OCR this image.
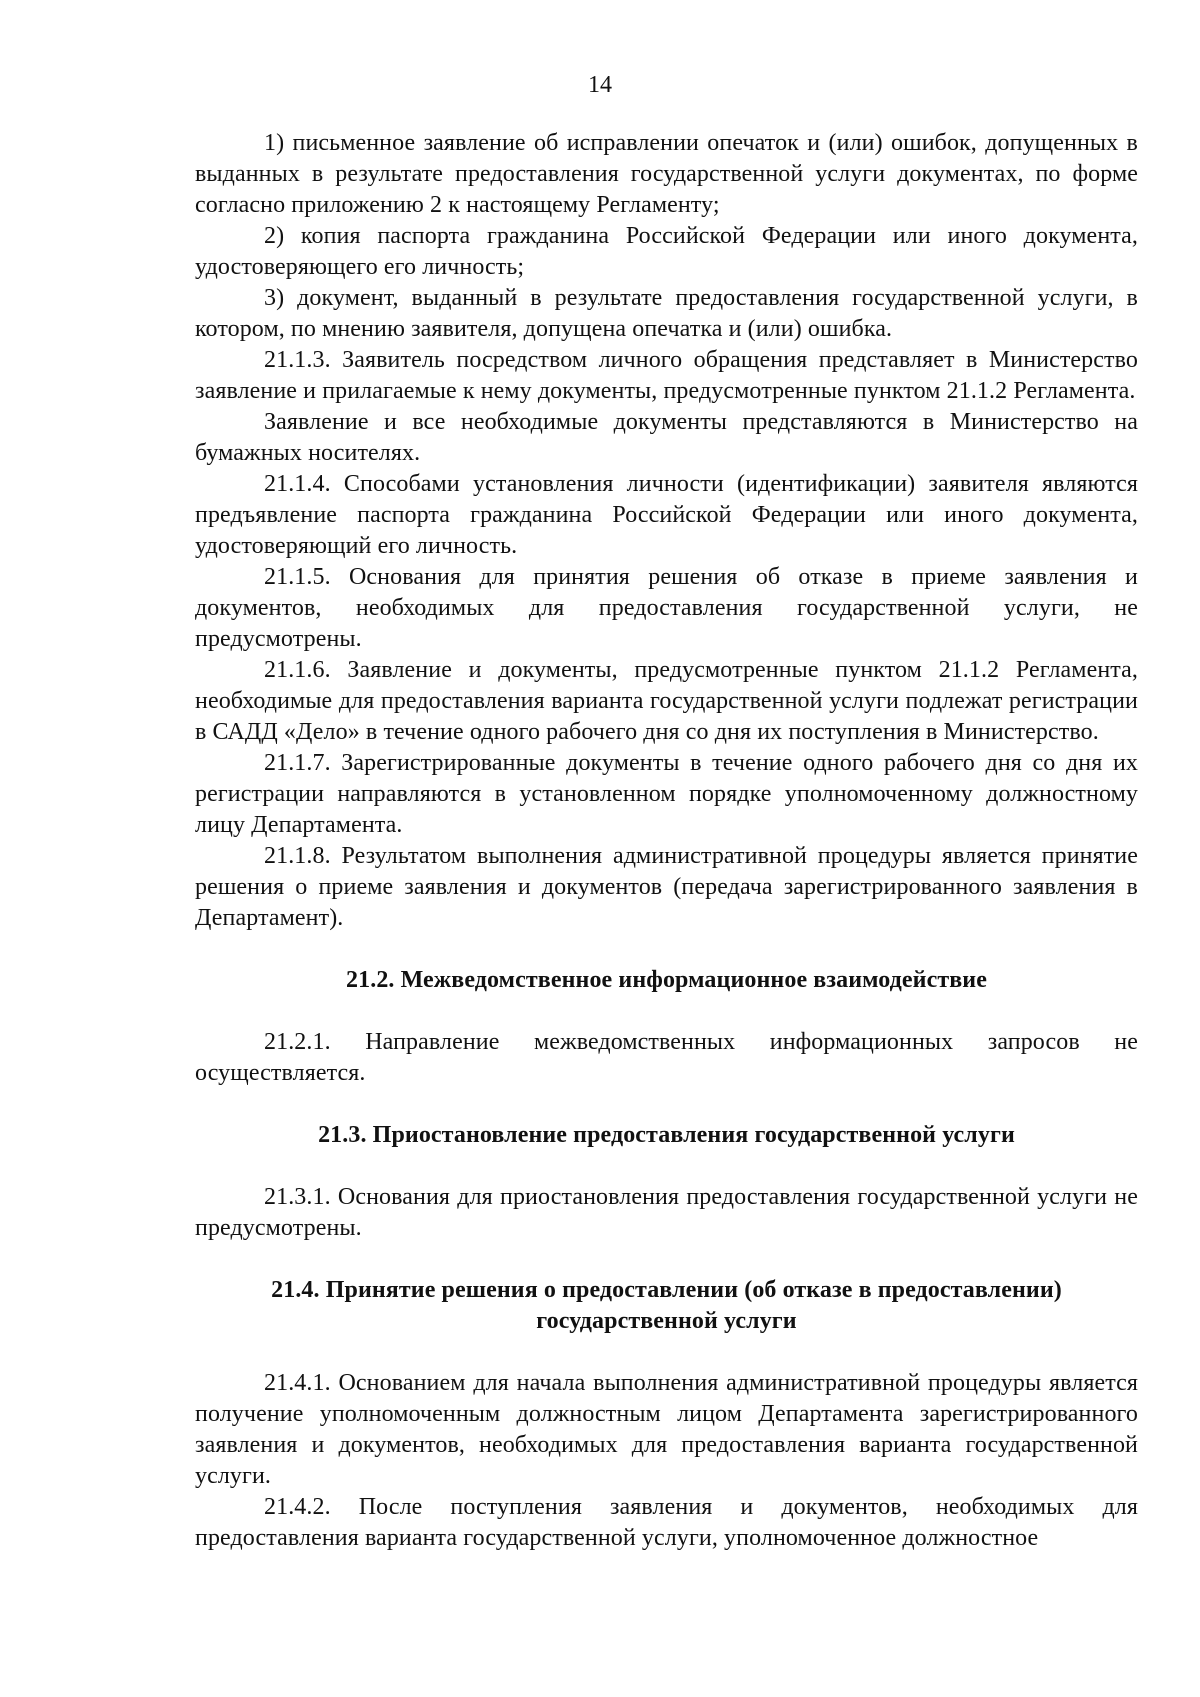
14

1) письменное заявление об исправлении опечаток и (или) ошибок, допущенных в выданных в результате предоставления государственной услуги документах, по форме согласно приложению 2 к настоящему Регламенту;

2) копия паспорта гражданина Российской Федерации или иного документа, удостоверяющего его личность;

3) документ, выданный в результате предоставления государственной услуги, в котором, по мнению заявителя, допущена опечатка и (или) ошибка.

21.1.3. Заявитель посредством личного обращения представляет в Министерство заявление и прилагаемые к нему документы, предусмотренные пунктом 21.1.2 Регламента.

Заявление и все необходимые документы представляются в Министерство на бумажных носителях.

21.1.4. Способами установления личности (идентификации) заявителя являются предъявление паспорта гражданина Российской Федерации или иного документа, удостоверяющий его личность.

21.1.5. Основания для принятия решения об отказе в приеме заявления и документов, необходимых для предоставления государственной услуги, не предусмотрены.

21.1.6. Заявление и документы, предусмотренные пунктом 21.1.2 Регламента, необходимые для предоставления варианта государственной услуги подлежат регистрации в САДД «Дело» в течение одного рабочего дня со дня их поступления в Министерство.

21.1.7. Зарегистрированные документы в течение одного рабочего дня со дня их регистрации направляются в установленном порядке уполномоченному должностному лицу Департамента.

21.1.8. Результатом выполнения административной процедуры является принятие решения о приеме заявления и документов (передача зарегистрированного заявления в Департамент).

21.2. Межведомственное информационное взаимодействие

21.2.1. Направление межведомственных информационных запросов не осуществляется.

21.3. Приостановление предоставления государственной услуги

21.3.1. Основания для приостановления предоставления государственной услуги не предусмотрены.

21.4. Принятие решения о предоставлении (об отказе в предоставлении)
государственной услуги

21.4.1. Основанием для начала выполнения административной процедуры является получение уполномоченным должностным лицом Департамента зарегистрированного заявления и документов, необходимых для предоставления варианта государственной услуги.

21.4.2. После поступления заявления и документов, необходимых для предоставления варианта государственной услуги, уполномоченное должностное
